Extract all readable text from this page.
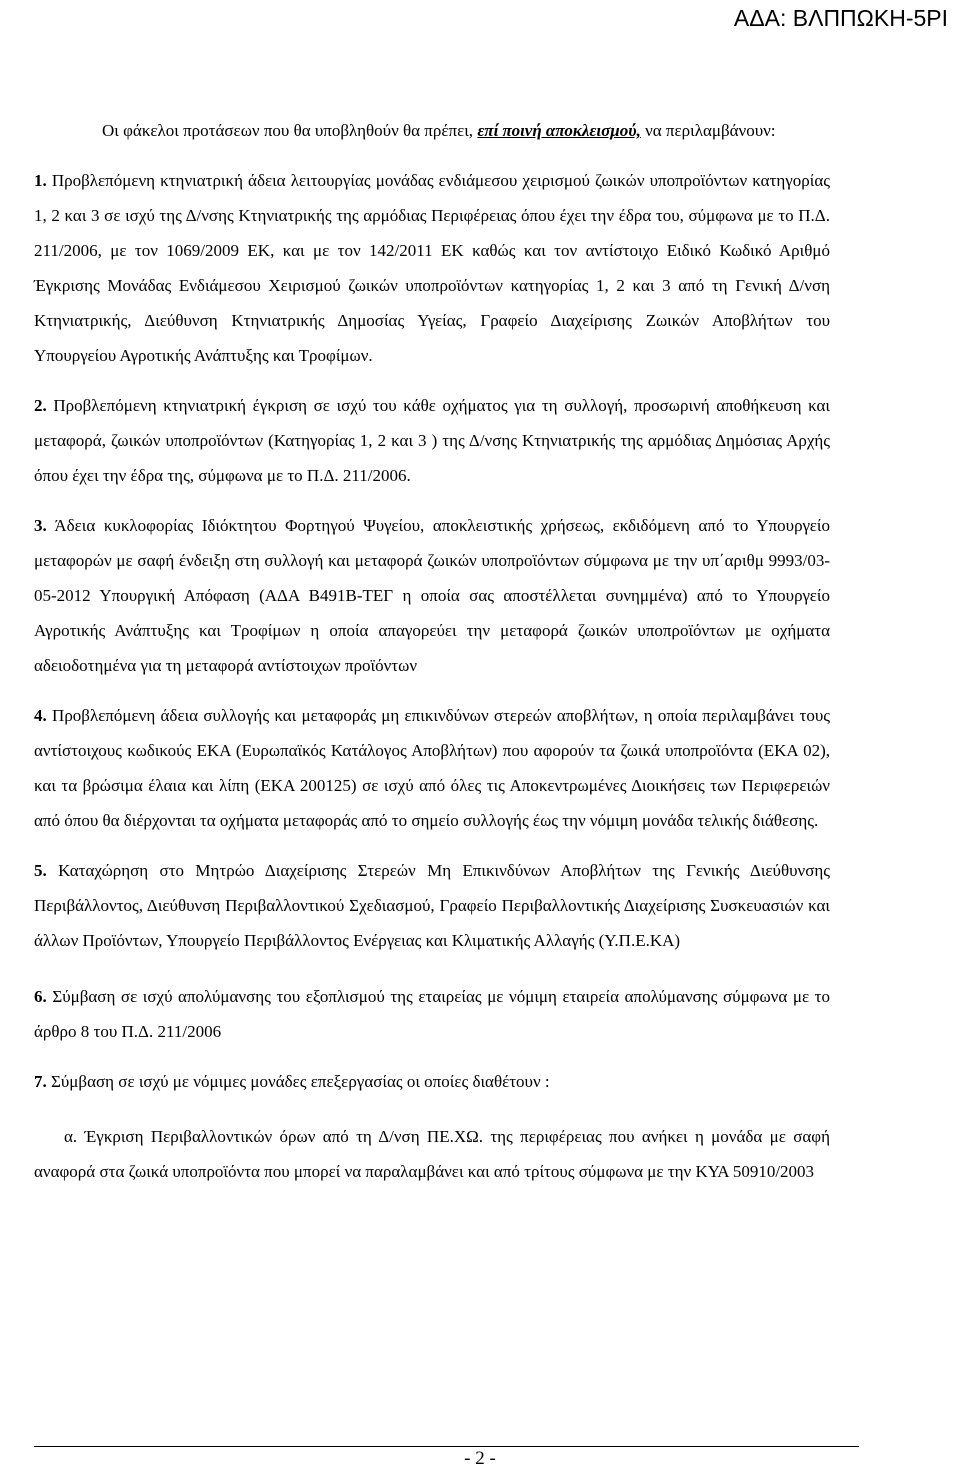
ΑΔΑ: ΒΛΠΠΩΚΗ-5ΡΙ

Οι φάκελοι προτάσεων που θα υποβληθούν θα πρέπει, επί ποινή αποκλεισμού, να περιλαμβάνουν:

1. Προβλεπόμενη κτηνιατρική άδεια λειτουργίας μονάδας ενδιάμεσου χειρισμού ζωικών υποπροϊόντων κατηγορίας 1, 2 και 3 σε ισχύ της Δ/νσης Κτηνιατρικής της αρμόδιας Περιφέρειας όπου έχει την έδρα του, σύμφωνα με το Π.Δ. 211/2006, με τον 1069/2009 ΕΚ, και με τον 142/2011 ΕΚ καθώς και τον αντίστοιχο Ειδικό Κωδικό Αριθμό Έγκρισης Μονάδας Ενδιάμεσου Χειρισμού ζωικών υποπροϊόντων κατηγορίας 1, 2 και 3 από τη Γενική Δ/νση Κτηνιατρικής, Διεύθυνση Κτηνιατρικής Δημοσίας Υγείας, Γραφείο Διαχείρισης Ζωικών Αποβλήτων του Υπουργείου Αγροτικής Ανάπτυξης και Τροφίμων.

2. Προβλεπόμενη κτηνιατρική έγκριση σε ισχύ του κάθε οχήματος για τη συλλογή, προσωρινή αποθήκευση και μεταφορά, ζωικών υποπροϊόντων (Κατηγορίας 1, 2 και 3 ) της Δ/νσης Κτηνιατρικής της αρμόδιας Δημόσιας Αρχής όπου έχει την έδρα της, σύμφωνα με το Π.Δ. 211/2006.

3. Άδεια κυκλοφορίας Ιδιόκτητου Φορτηγού Ψυγείου, αποκλειστικής χρήσεως, εκδιδόμενη από το Υπουργείο μεταφορών με σαφή ένδειξη στη συλλογή και μεταφορά ζωικών υποπροϊόντων σύμφωνα με την υπ΄αριθμ 9993/03-05-2012 Υπουργική Απόφαση (ΑΔΑ Β491Β-ΤΕΓ η οποία σας αποστέλλεται συνημμένα) από το Υπουργείο Αγροτικής Ανάπτυξης και Τροφίμων η οποία απαγορεύει την μεταφορά ζωικών υποπροϊόντων με οχήματα αδειοδοτημένα για τη μεταφορά αντίστοιχων προϊόντων

4. Προβλεπόμενη άδεια συλλογής και μεταφοράς μη επικινδύνων στερεών αποβλήτων, η οποία περιλαμβάνει τους αντίστοιχους κωδικούς ΕΚΑ (Ευρωπαϊκός Κατάλογος Αποβλήτων) που αφορούν τα ζωικά υποπροϊόντα (ΕΚΑ 02), και τα βρώσιμα έλαια και λίπη (ΕΚΑ 200125) σε ισχύ από όλες τις Αποκεντρωμένες Διοικήσεις των Περιφερειών από όπου θα διέρχονται τα οχήματα μεταφοράς από το σημείο συλλογής έως την νόμιμη μονάδα τελικής διάθεσης.

5. Καταχώρηση στο Μητρώο Διαχείρισης Στερεών Μη Επικινδύνων Αποβλήτων της Γενικής Διεύθυνσης Περιβάλλοντος, Διεύθυνση Περιβαλλοντικού Σχεδιασμού, Γραφείο Περιβαλλοντικής Διαχείρισης Συσκευασιών και άλλων Προϊόντων, Υπουργείο Περιβάλλοντος Ενέργειας και Κλιματικής Αλλαγής (Υ.Π.Ε.ΚΑ)

6. Σύμβαση σε ισχύ απολύμανσης του εξοπλισμού της εταιρείας με νόμιμη εταιρεία απολύμανσης σύμφωνα με το άρθρο 8 του Π.Δ. 211/2006

7. Σύμβαση σε ισχύ με νόμιμες μονάδες επεξεργασίας οι οποίες διαθέτουν :

α. Έγκριση Περιβαλλοντικών όρων από τη Δ/νση ΠΕ.ΧΩ. της περιφέρειας που ανήκει η μονάδα με σαφή αναφορά στα ζωικά υποπροϊόντα που μπορεί να παραλαμβάνει και από τρίτους σύμφωνα με την ΚΥΑ 50910/2003

- 2 -
